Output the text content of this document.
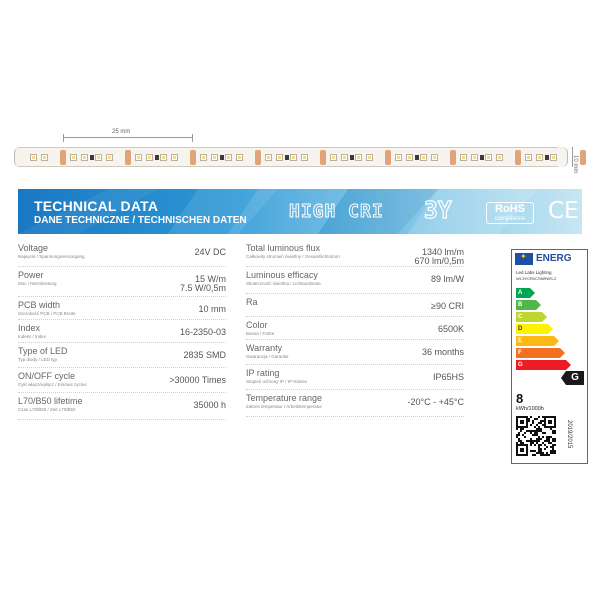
25 mm
10 mm
TECHNICAL DATA
DANE TECHNICZNE / TECHNISCHEN DATEN HIGH CRI 3Y	RoHS
compliance CE
Voltage
Napięcie / Spannungsversorgung	24V DC
Power
Moc / Nennleistung	15 W/m
7.5 W/0,5m
PCB width
Szerokość PCB / PCB Breite	10 mm
Index
Indeks / Index	16-2350-03
Type of LED
Typ diody / LED typ	2835 SMD
ON/OFF cycle
Cykl włącz/wyłącz / Ein/aus zyclus	>30000 Times
L70/B50 lifetime
Czas L70/B50 / Zeit L70/B50	35000 h
Total luminous flux
Całkowity strumień świetlny / Gesamtlichtstrom	1340 lm/m
670 lm/0,5m
Luminous efficacy
Skuteczność świetlna / Lichtausbeute	89 lm/W
Ra	≥90 CRI
Color
Barwa / Farbe	6500K
Warranty
Gwarancja / Garantie	36 months
IP rating
Stopień ochrony IP / IP-Klasse	IP65HS
Temperature range
Zakres temperatur / Arbeitstemperatur	-20°C - +45°C
✦
ENERG
Led Labs Lighting
WI-3YCRI/CSNRWS-2
A
B
C
D
E
F
G
G
8
kWh/1000h
2019/2015
